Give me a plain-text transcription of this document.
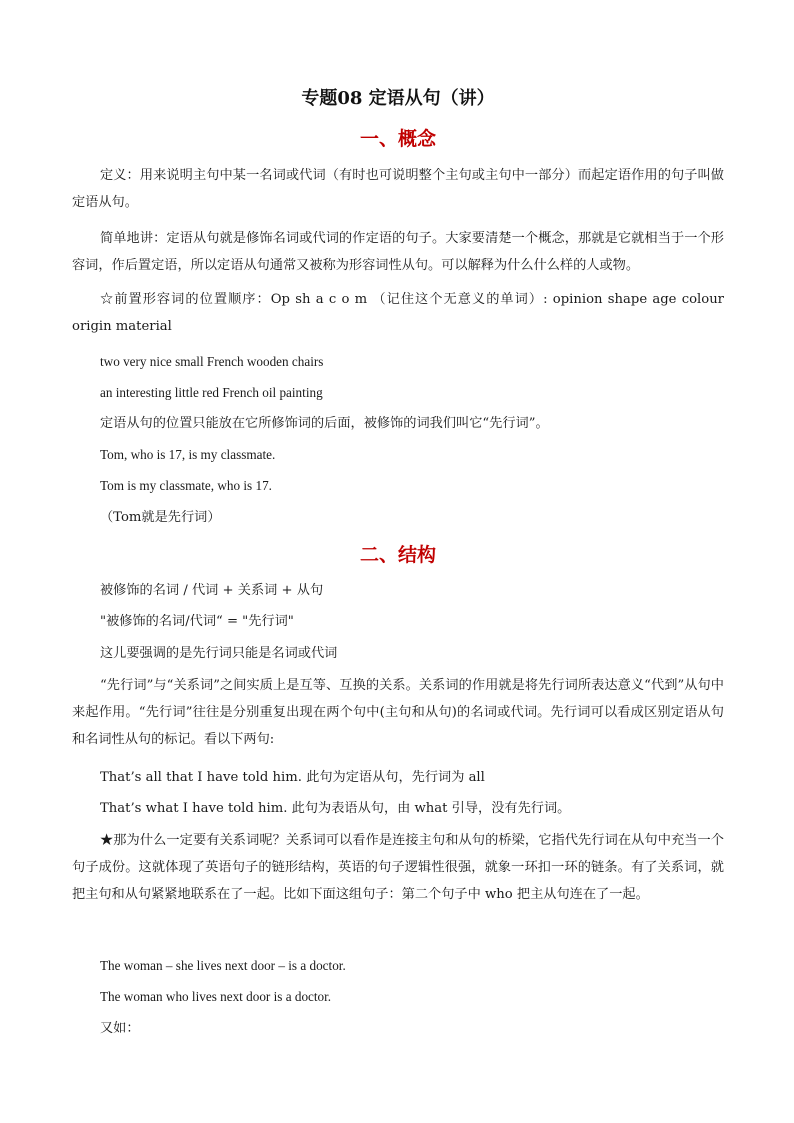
专题08 定语从句（讲）
一、概念
定义：用来说明主句中某一名词或代词（有时也可说明整个主句或主句中一部分）而起定语作用的句子叫做定语从句。
简单地讲：定语从句就是修饰名词或代词的作定语的句子。大家要清楚一个概念，那就是它就相当于一个形容词，作后置定语，所以定语从句通常又被称为形容词性从句。可以解释为什么什么样的人或物。
☆前置形容词的位置顺序：Op sh a c o m （记住这个无意义的单词）: opinion shape age colour origin material
two very nice small French wooden chairs
an interesting little red French oil painting
定语从句的位置只能放在它所修饰词的后面，被修饰的词我们叫它“先行词”。
Tom, who is 17, is my classmate.
Tom is my classmate, who is 17.
（Tom就是先行词）
二、结构
被修饰的名词 / 代词 + 关系词 + 从句
"被修饰的名词/代词“ = "先行词"
这儿要强调的是先行词只能是名词或代词
“先行词”与“关系词”之间实质上是互等、互换的关系。关系词的作用就是将先行词所表达意义“代到”从句中来起作用。“先行词”往往是分别重复出现在两个句中(主句和从句)的名词或代词。先行词可以看成区别定语从句和名词性从句的标记。看以下两句:
That’s all that I have told him. 此句为定语从句，先行词为 all
That’s what I have told him. 此句为表语从句，由 what 引导，没有先行词。
★那为什么一定要有关系词呢？关系词可以看作是连接主句和从句的桥梁，它指代先行词在从句中充当一个句子成份。这就体现了英语句子的链形结构，英语的句子逻辑性很强，就象一环扣一环的链条。有了关系词，就把主句和从句紧紧地联系在了一起。比如下面这组句子：第二个句子中 who 把主从句连在了一起。
The woman – she lives next door – is a doctor.
The woman who lives next door is a doctor.
又如：
